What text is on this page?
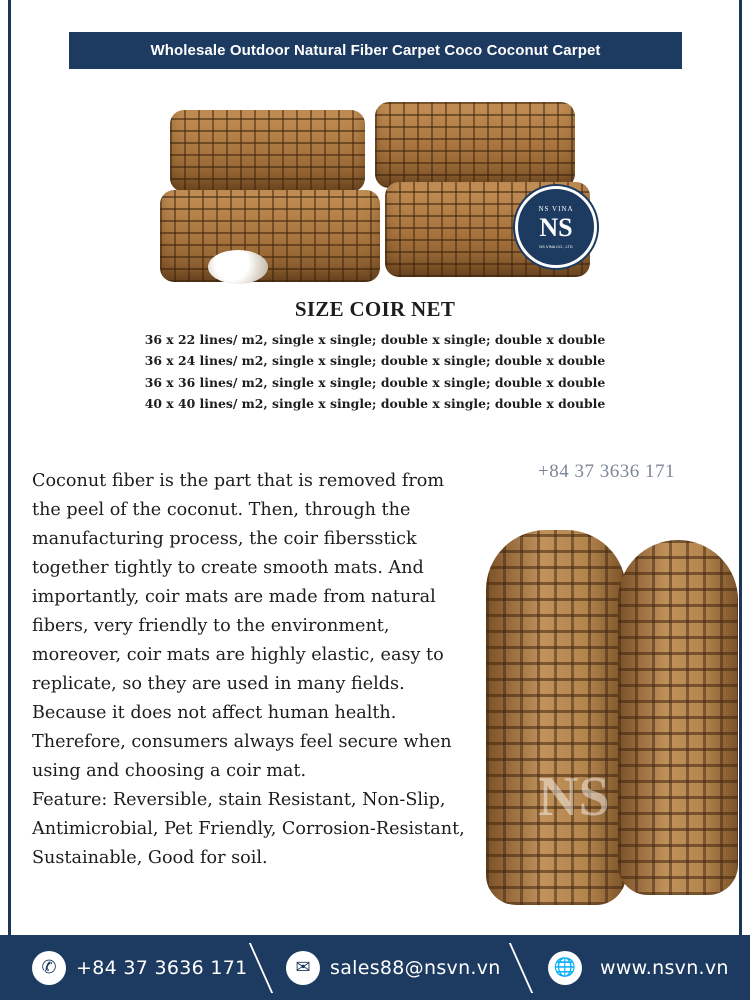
Wholesale Outdoor Natural Fiber Carpet Coco Coconut Carpet
NS VINA
NS
NS VINA CO., LTD
SIZE COIR NET
36 x 22 lines/ m2, single x single; double x single; double x double
36 x 24 lines/ m2, single x single; double x single; double x double
36 x 36 lines/ m2, single x single; double x single; double x double
40 x 40 lines/ m2, single x single; double x single; double x double

Coconut fiber is the part that is removed from the peel of the coconut. Then, through the manufacturing process, the coir fibersstick together tightly to create smooth mats. And importantly, coir mats are made from natural fibers, very friendly to the environment, moreover, coir mats are highly elastic, easy to replicate, so they are used in many fields. Because it does not affect human health. Therefore, consumers always feel secure when using and choosing a coir mat.

Feature: Reversible, stain Resistant, Non-Slip, Antimicrobial, Pet Friendly, Corrosion-Resistant, Sustainable, Good for soil.

+84 37 3636 171
NS
✆	+84 37 3636 171	✉	sales88@nsvn.vn	🌐	www.nsvn.vn
